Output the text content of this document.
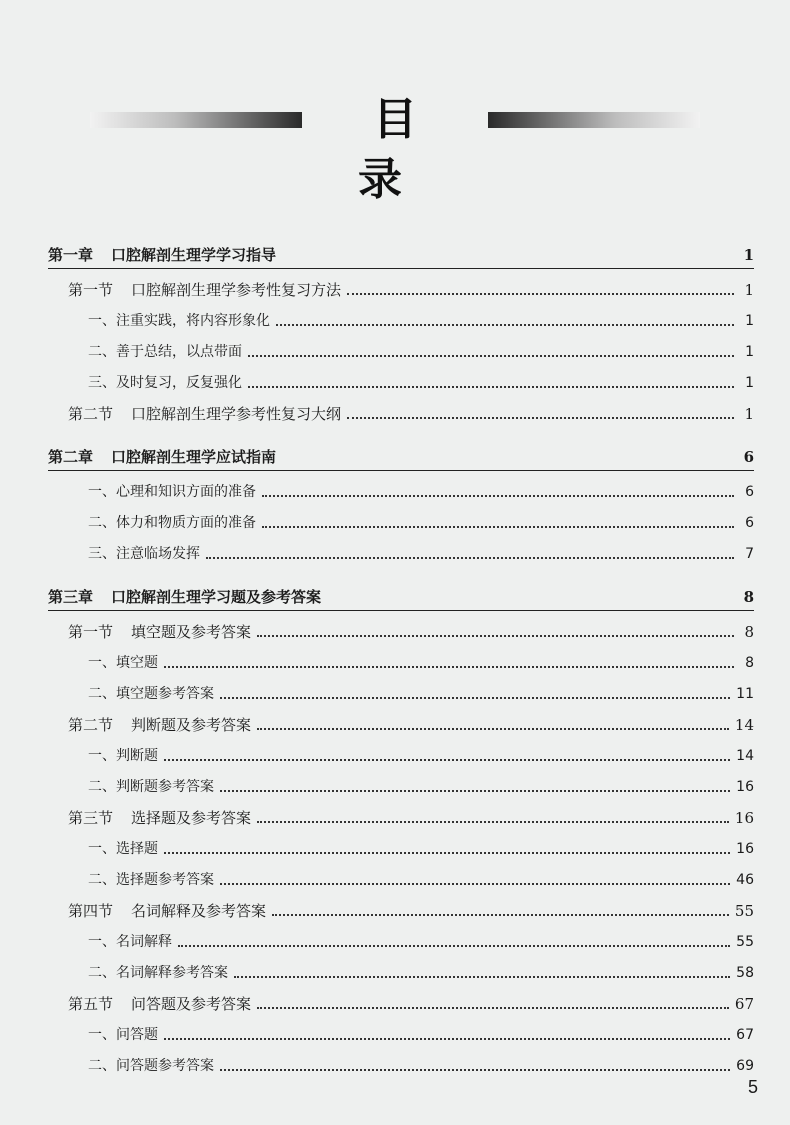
目 录
第一章 口腔解剖生理学学习指导	1
第一节 口腔解剖生理学参考性复习方法	1
一、注重实践，将内容形象化	1
二、善于总结，以点带面	1
三、及时复习，反复强化	1
第二节 口腔解剖生理学参考性复习大纲	1
第二章 口腔解剖生理学应试指南	6
一、心理和知识方面的准备	6
二、体力和物质方面的准备	6
三、注意临场发挥	7
第三章 口腔解剖生理学习题及参考答案	8
第一节 填空题及参考答案	8
一、填空题	8
二、填空题参考答案	11
第二节 判断题及参考答案	14
一、判断题	14
二、判断题参考答案	16
第三节 选择题及参考答案	16
一、选择题	16
二、选择题参考答案	46
第四节 名词解释及参考答案	55
一、名词解释	55
二、名词解释参考答案	58
第五节 问答题及参考答案	67
一、问答题	67
二、问答题参考答案	69
5
